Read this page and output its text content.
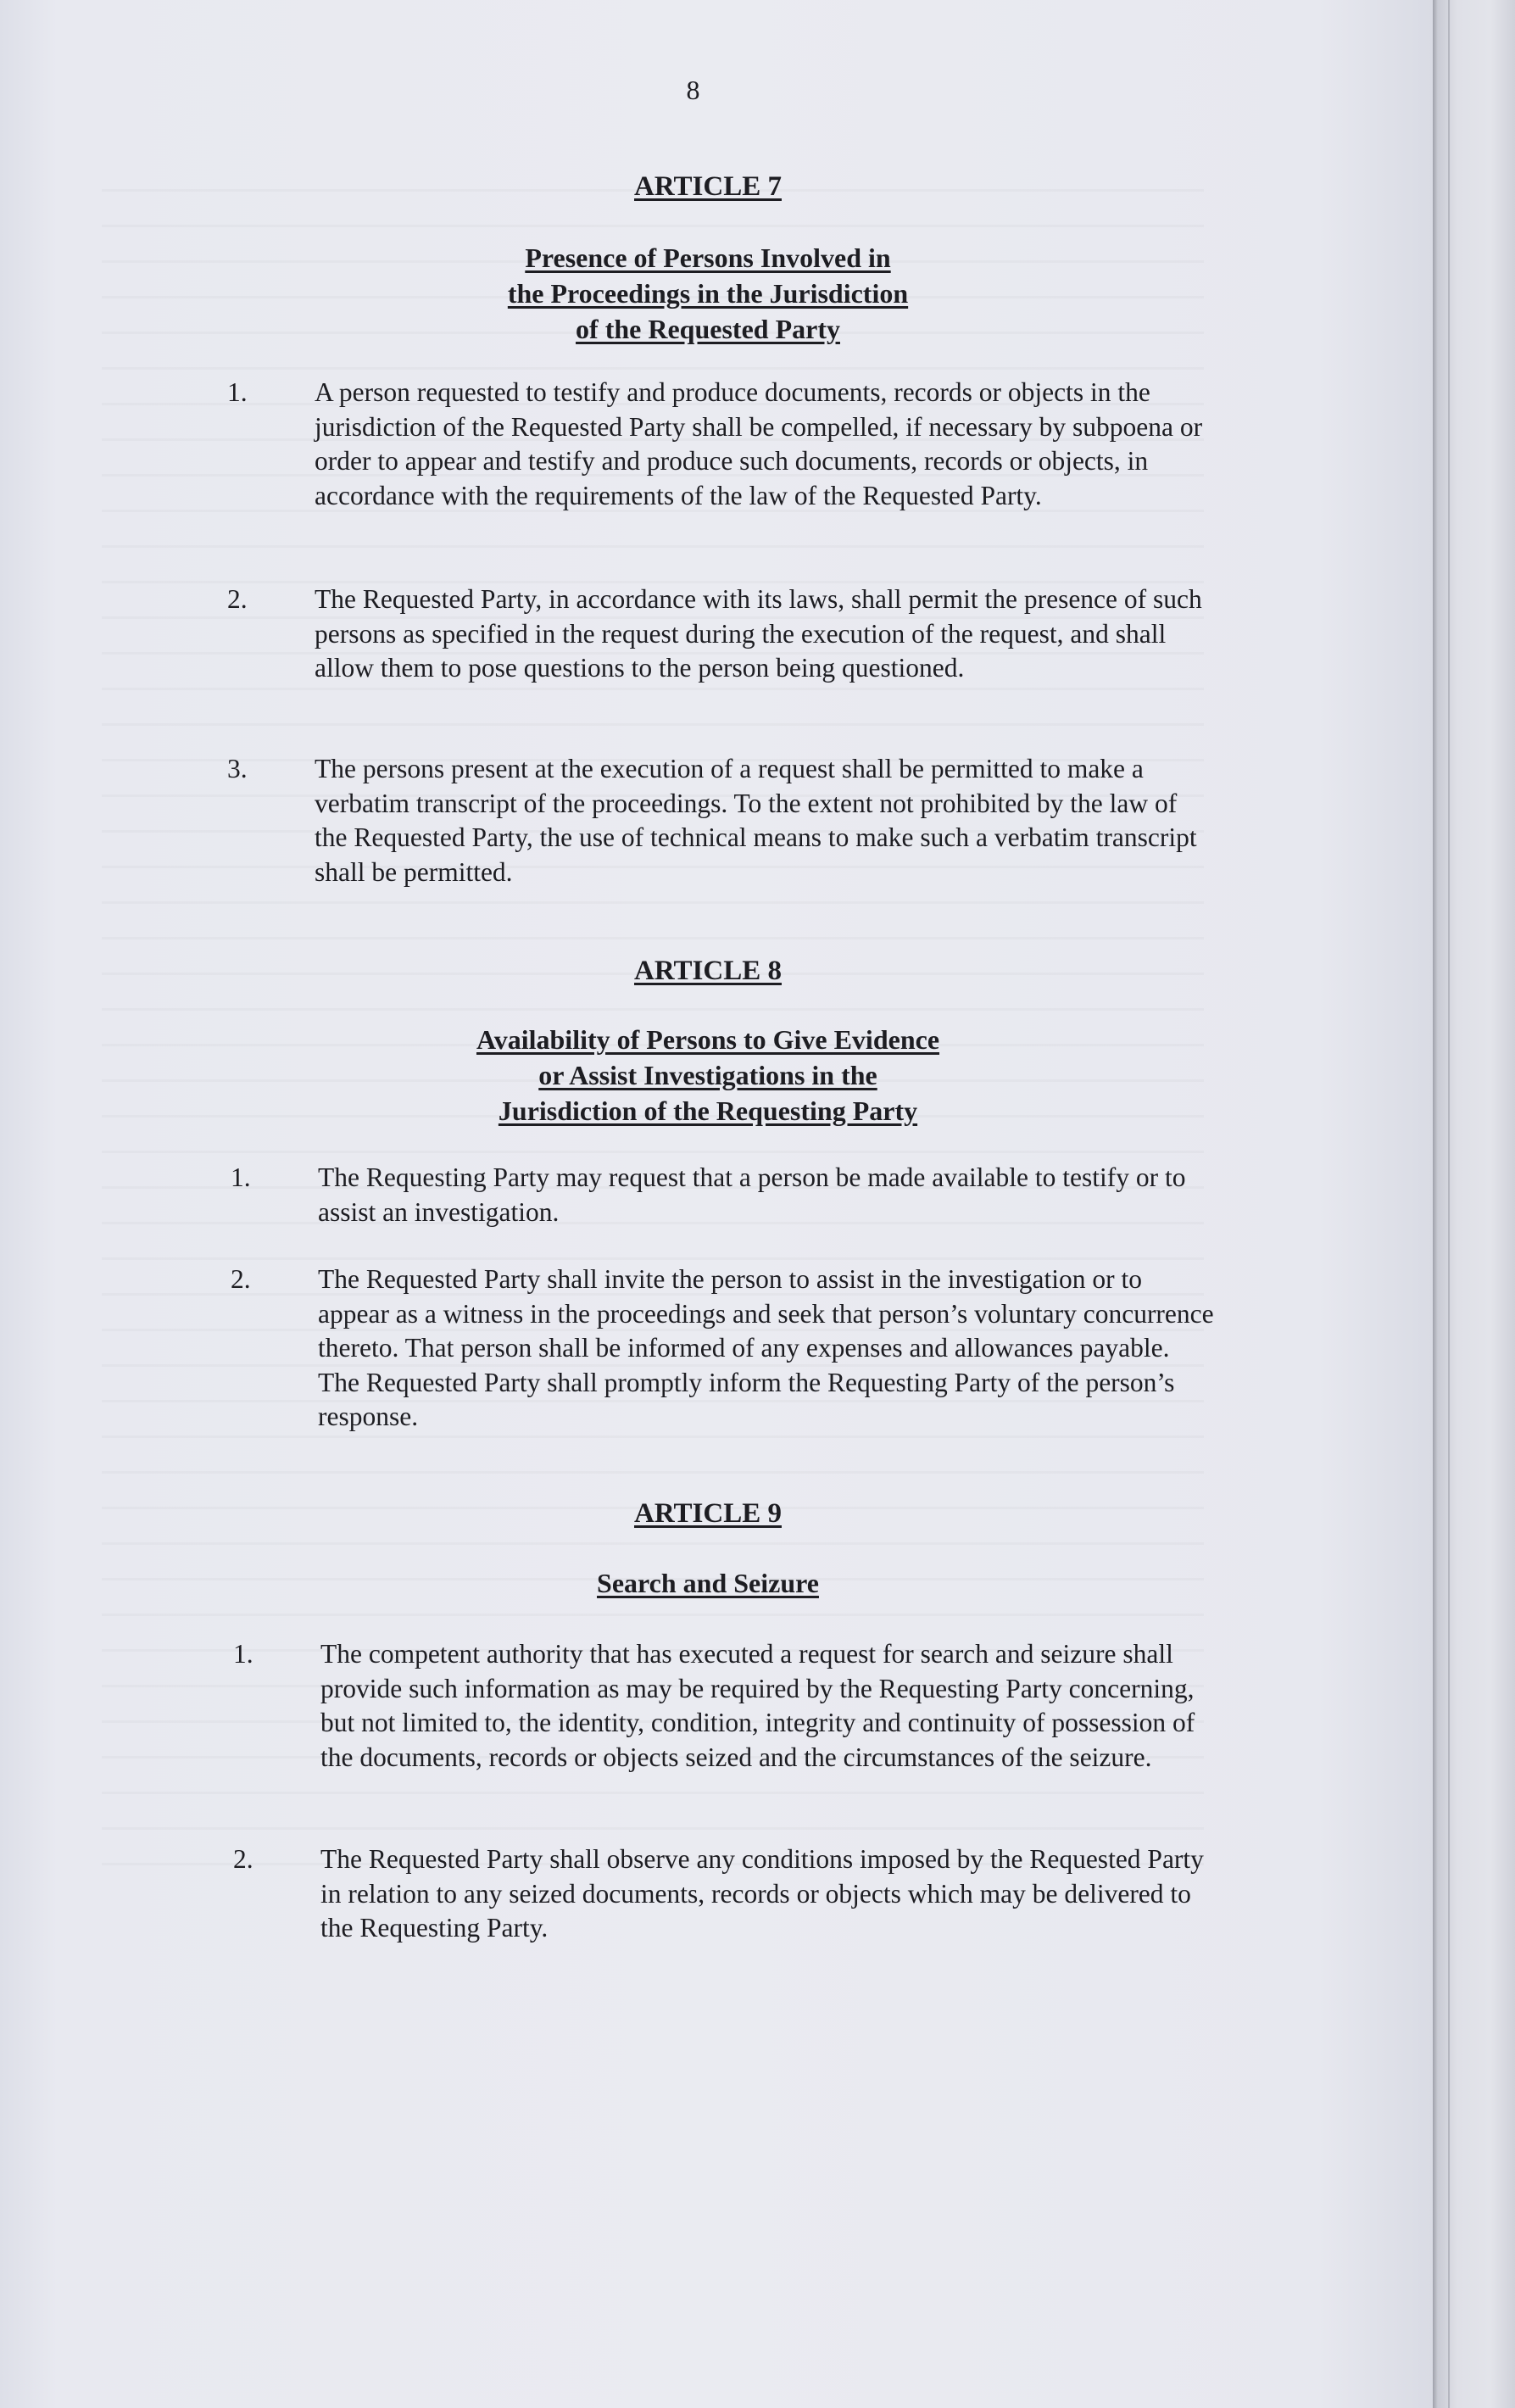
8
ARTICLE 7
Presence of Persons Involved in
the Proceedings in the Jurisdiction
of the Requested Party
1.	A person requested to testify and produce documents, records or objects in the jurisdiction of the Requested Party shall be compelled, if necessary by subpoena or order to appear and testify and produce such documents, records or objects, in accordance with the requirements of the law of the Requested Party.
2.	The Requested Party, in accordance with its laws, shall permit the presence of such persons as specified in the request during the execution of the request, and shall allow them to pose questions to the person being questioned.
3.	The persons present at the execution of a request shall be permitted to make a verbatim transcript of the proceedings. To the extent not prohibited by the law of the Requested Party, the use of technical means to make such a verbatim transcript shall be permitted.
ARTICLE 8
Availability of Persons to Give Evidence
or Assist Investigations in the
Jurisdiction of the Requesting Party
1.	The Requesting Party may request that a person be made available to testify or to assist an investigation.
2.	The Requested Party shall invite the person to assist in the investigation or to appear as a witness in the proceedings and seek that person’s voluntary concurrence thereto. That person shall be informed of any expenses and allowances payable. The Requested Party shall promptly inform the Requesting Party of the person’s response.
ARTICLE 9
Search and Seizure
1.	The competent authority that has executed a request for search and seizure shall provide such information as may be required by the Requesting Party concerning, but not limited to, the identity, condition, integrity and continuity of possession of the documents, records or objects seized and the circumstances of the seizure.
2.	The Requested Party shall observe any conditions imposed by the Requested Party in relation to any seized documents, records or objects which may be delivered to the Requesting Party.
